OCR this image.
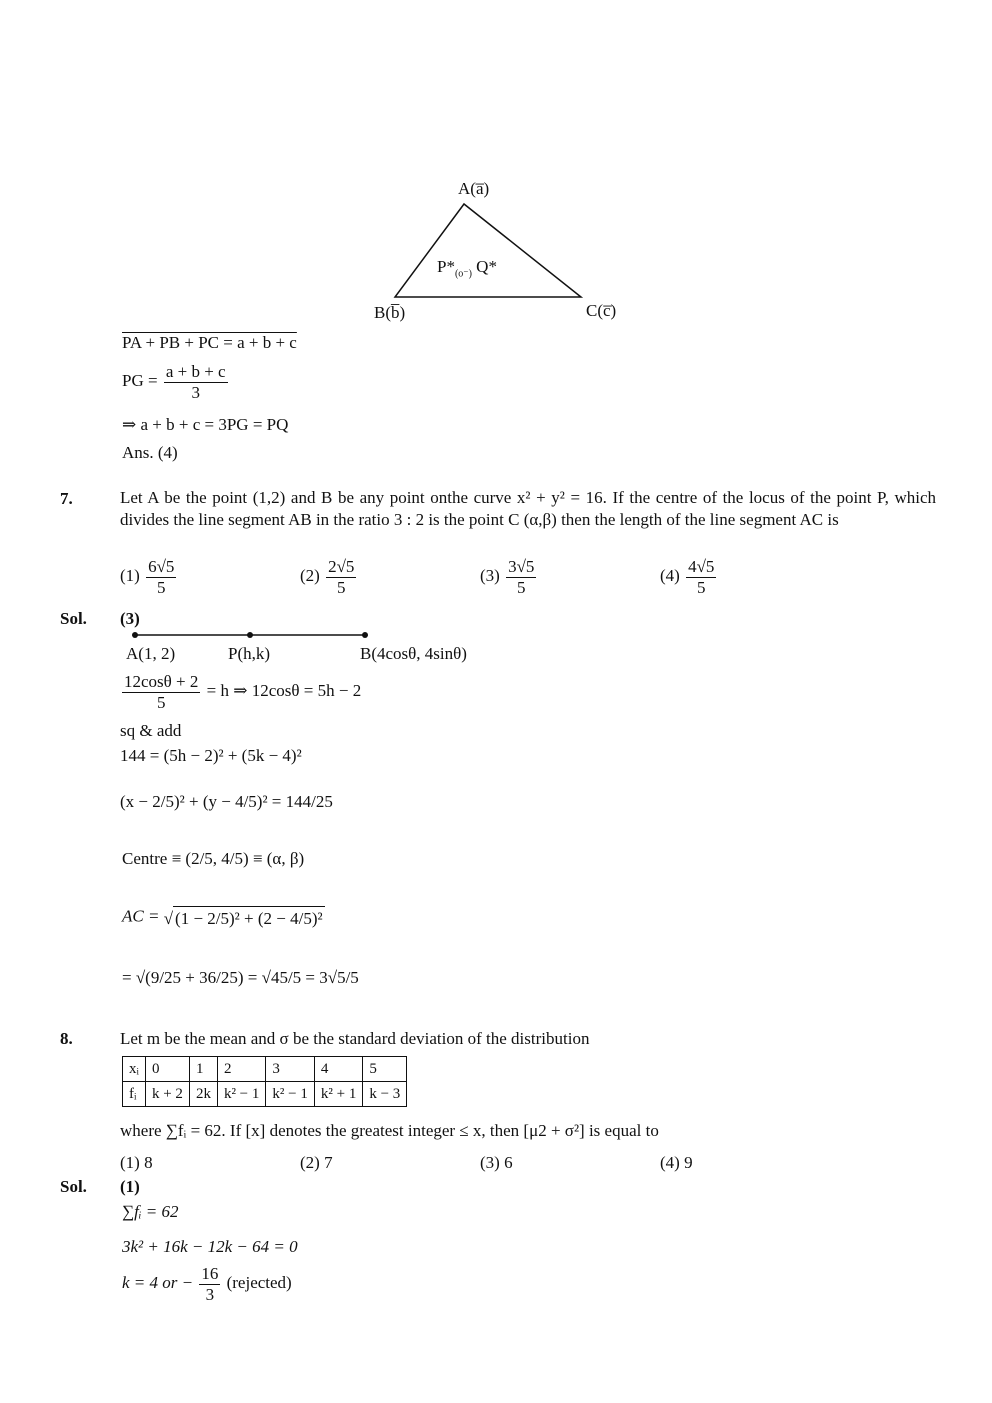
A(a̅)
B(b̅)	C(c̅)
$P*_{(o^-)}$ Q*
PA + PB + PC = a + b + c
PG = $\frac{a + b + c}{3}$
⇒ a + b + c = 3PG = PQ
Ans. (4)
7.	Let A be the point (1,2) and B be any point onthe curve x² + y² = 16. If the centre of the locus of the point P, which divides the line segment AB in the ratio 3 : 2 is the point C (α,β) then the length of the line segment AC is
$(1) \frac{6√5}{5}$	$(2) \frac{2√5}{5}$	$(3) \frac{3√5}{5}$	$(4) \frac{4√5}{5}$
Sol. (3)
A(1, 2)	P(h,k)	B(4cosθ, 4sinθ)
$\frac{12\cos\theta + 2}{5} = h$ ⇒ 12cosθ = 5h − 2
sq & add
144 = (5h − 2)² + (5k − 4)²
(x − 2/5)² + (y − 4/5)² = 144/25
Centre ≡ (2/5, 4/5) ≡ (α, β)
AC = √ (1 − 2/5)² + (2 − 4/5)²
= √(9/25 + 36/25) = √45/5 = 3√5/5
8.	Let m be the mean and σ be the standard deviation of the distribution
xᵢ	0	1	2	3	4	5
fᵢ	k + 2	2k	k² − 1	k² − 1	k² + 1	k − 3
where ∑fᵢ = 62. If [x] denotes the greatest integer ≤ x, then [μ2 + σ²] is equal to
(1) 8	(2) 7	(3) 6	(4) 9
Sol. (1)
∑fᵢ = 62
3k² + 16k − 12k − 64 = 0
k = 4 or − $\frac{16}{3}$ (rejected)
